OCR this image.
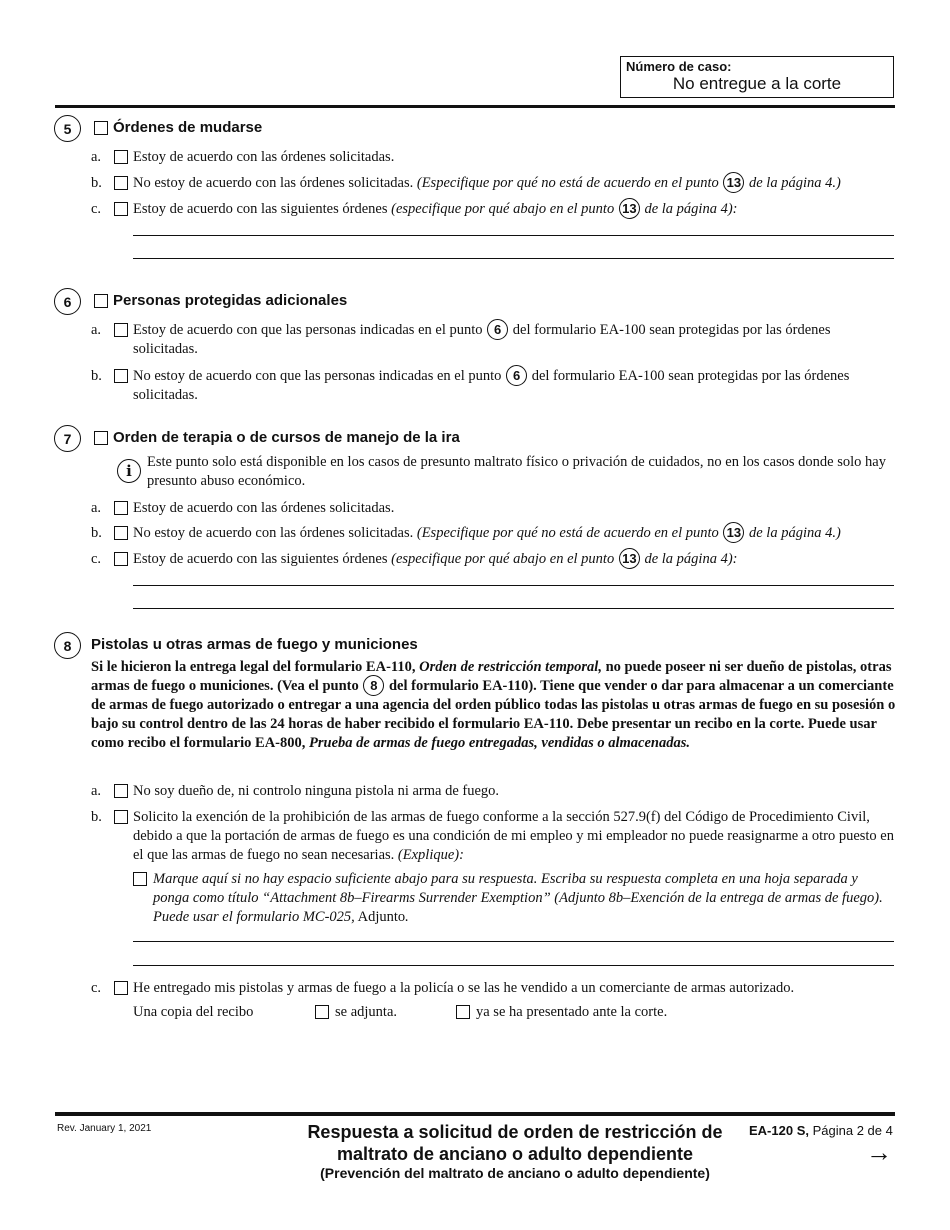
Número de caso:
No entregue a la corte
5	Órdenes de mudarse
a.	Estoy de acuerdo con las órdenes solicitadas.
b.	No estoy de acuerdo con las órdenes solicitadas. (Especifique por qué no está de acuerdo en el punto 13 de la página 4.)
c.	Estoy de acuerdo con las siguientes órdenes (especifique por qué abajo en el punto 13 de la página 4):
6	Personas protegidas adicionales
a.	Estoy de acuerdo con que las personas indicadas en el punto 6 del formulario EA-100 sean protegidas por las órdenes solicitadas.
b.	No estoy de acuerdo con que las personas indicadas en el punto 6 del formulario EA-100 sean protegidas por las órdenes solicitadas.
7	Orden de terapia o de cursos de manejo de la ira
i	Este punto solo está disponible en los casos de presunto maltrato físico o privación de cuidados, no en los casos donde solo hay presunto abuso económico.
a.	Estoy de acuerdo con las órdenes solicitadas.
b.	No estoy de acuerdo con las órdenes solicitadas. (Especifique por qué no está de acuerdo en el punto 13 de la página 4.)
c.	Estoy de acuerdo con las siguientes órdenes (especifique por qué abajo en el punto 13 de la página 4):
8	Pistolas u otras armas de fuego y municiones
Si le hicieron la entrega legal del formulario EA-110, Orden de restricción temporal, no puede poseer ni ser dueño de pistolas, otras armas de fuego o municiones. (Vea el punto 8 del formulario EA-110). Tiene que vender o dar para almacenar a un comerciante de armas de fuego autorizado o entregar a una agencia del orden público todas las pistolas u otras armas de fuego en su posesión o bajo su control dentro de las 24 horas de haber recibido el formulario EA-110. Debe presentar un recibo en la corte. Puede usar como recibo el formulario EA-800, Prueba de armas de fuego entregadas, vendidas o almacenadas.
a.	No soy dueño de, ni controlo ninguna pistola ni arma de fuego.
b.	Solicito la exención de la prohibición de las armas de fuego conforme a la sección 527.9(f) del Código de Procedimiento Civil, debido a que la portación de armas de fuego es una condición de mi empleo y mi empleador no puede reasignarme a otro puesto en el que las armas de fuego no sean necesarias. (Explique):
Marque aquí si no hay espacio suficiente abajo para su respuesta. Escriba su respuesta completa en una hoja separada y ponga como título “Attachment 8b–Firearms Surrender Exemption” (Adjunto 8b–Exención de la entrega de armas de fuego). Puede usar el formulario MC-025, Adjunto.
c.	He entregado mis pistolas y armas de fuego a la policía o se las he vendido a un comerciante de armas autorizado.
Una copia del recibo	se adjunta.	ya se ha presentado ante la corte.
Rev. January 1, 2021	Respuesta a solicitud de orden de restricción de
maltrato de anciano o adulto dependiente
(Prevención del maltrato de anciano o adulto dependiente)
EA-120 S, Página 2 de 4
→
